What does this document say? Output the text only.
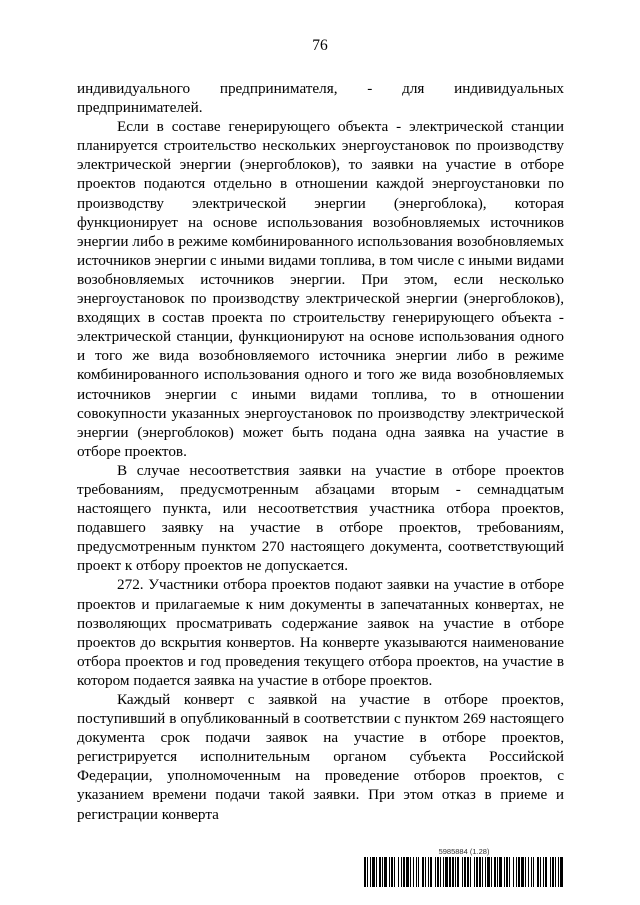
76

индивидуального предпринимателя, - для индивидуальных предпринимателей.

Если в составе генерирующего объекта - электрической станции планируется строительство нескольких энергоустановок по производству электрической энергии (энергоблоков), то заявки на участие в отборе проектов подаются отдельно в отношении каждой энергоустановки по производству электрической энергии (энергоблока), которая функционирует на основе использования возобновляемых источников энергии либо в режиме комбинированного использования возобновляемых источников энергии с иными видами топлива, в том числе с иными видами возобновляемых источников энергии. При этом, если несколько энергоустановок по производству электрической энергии (энергоблоков), входящих в состав проекта по строительству генерирующего объекта - электрической станции, функционируют на основе использования одного и того же вида возобновляемого источника энергии либо в режиме комбинированного использования одного и того же вида возобновляемых источников энергии с иными видами топлива, то в отношении совокупности указанных энергоустановок по производству электрической энергии (энергоблоков) может быть подана одна заявка на участие в отборе проектов.

В случае несоответствия заявки на участие в отборе проектов требованиям, предусмотренным абзацами вторым - семнадцатым настоящего пункта, или несоответствия участника отбора проектов, подавшего заявку на участие в отборе проектов, требованиям, предусмотренным пунктом 270 настоящего документа, соответствующий проект к отбору проектов не допускается.

272. Участники отбора проектов подают заявки на участие в отборе проектов и прилагаемые к ним документы в запечатанных конвертах, не позволяющих просматривать содержание заявок на участие в отборе проектов до вскрытия конвертов. На конверте указываются наименование отбора проектов и год проведения текущего отбора проектов, на участие в котором подается заявка на участие в отборе проектов.

Каждый конверт с заявкой на участие в отборе проектов, поступивший в опубликованный в соответствии с пунктом 269 настоящего документа срок подачи заявок на участие в отборе проектов, регистрируется исполнительным органом субъекта Российской Федерации, уполномоченным на проведение отборов проектов, с указанием времени подачи такой заявки. При этом отказ в приеме и регистрации конверта

5985884 (1.28)
